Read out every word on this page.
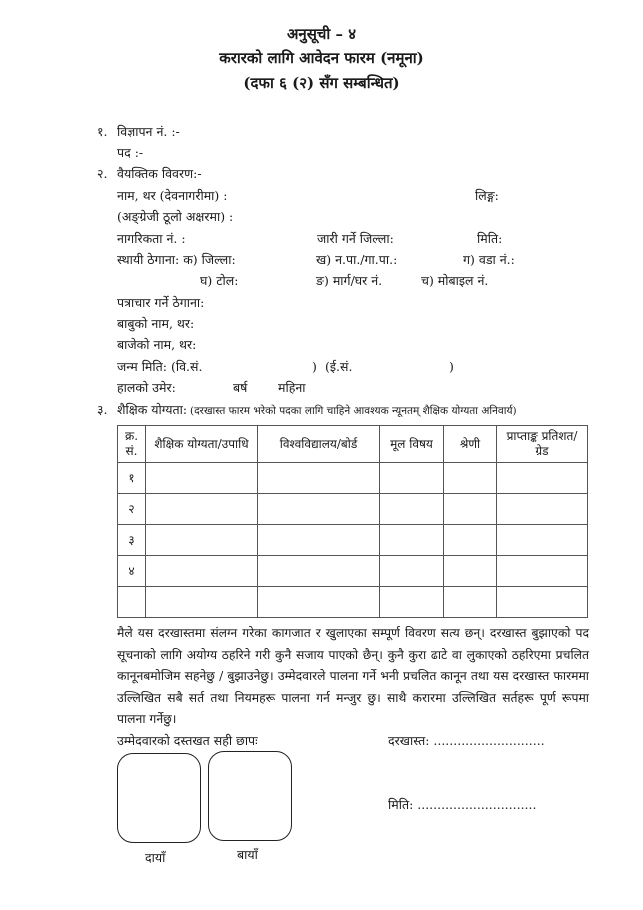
अनुसूची – ४
करारको लागि आवेदन फारम (नमूना)
(दफा ६ (२) सँग सम्बन्धित)
१. विज्ञापन नं. :-
पद :-
२. वैयक्तिक विवरण:-
नाम, थर (देवनागरीमा) :	लिङ्ग:
(अङ्ग्रेजी ठूलो अक्षरमा) :
नागरिकता नं. :	जारी गर्ने जिल्ला:	मिति:
स्थायी ठेगाना: क) जिल्ला:	ख) न.पा./गा.पा.:	ग) वडा नं.:
घ) टोल:	ङ) मार्ग/घर नं.	च) मोबाइल नं.
पत्राचार गर्ने ठेगाना:
बाबुको नाम, थर:
बाजेको नाम, थर:
जन्म मिति: (वि.सं.	) (ई.सं.	)
हालको उमेर:	बर्ष महिना
३. शैक्षिक योग्यता: (दरखास्त फारम भरेको पदका लागि चाहिने आवश्यक न्यूनतम् शैक्षिक योग्यता अनिवार्य)
क्र. सं.	शैक्षिक योग्यता/उपाधि	विश्वविद्यालय/बोर्ड	मूल विषय	श्रेणी	प्राप्ताङ्क प्रतिशत/ ग्रेड
१					
२					
३					
४					

मैले यस दरखास्तमा संलग्न गरेका कागजात र खुलाएका सम्पूर्ण विवरण सत्य छन्। दरखास्त बुझाएको पद सूचनाको लागि अयोग्य ठहरिने गरी कुनै सजाय पाएको छैन्। कुनै कुरा ढाटे वा लुकाएको ठहरिएमा प्रचलित कानूनबमोजिम सहनेछु / बुझाउनेछु। उम्मेदवारले पालना गर्ने भनी प्रचलित कानून तथा यस दरखास्त फारममा उल्लिखित सबै सर्त तथा नियमहरू पालना गर्न मन्जुर छु। साथै करारमा उल्लिखित सर्तहरू पूर्ण रूपमा पालना गर्नेछु।
उम्मेदवारको दस्तखत सही छापः	दरखास्त: ............................
मिति: ..............................
दायाँ	बायाँ
